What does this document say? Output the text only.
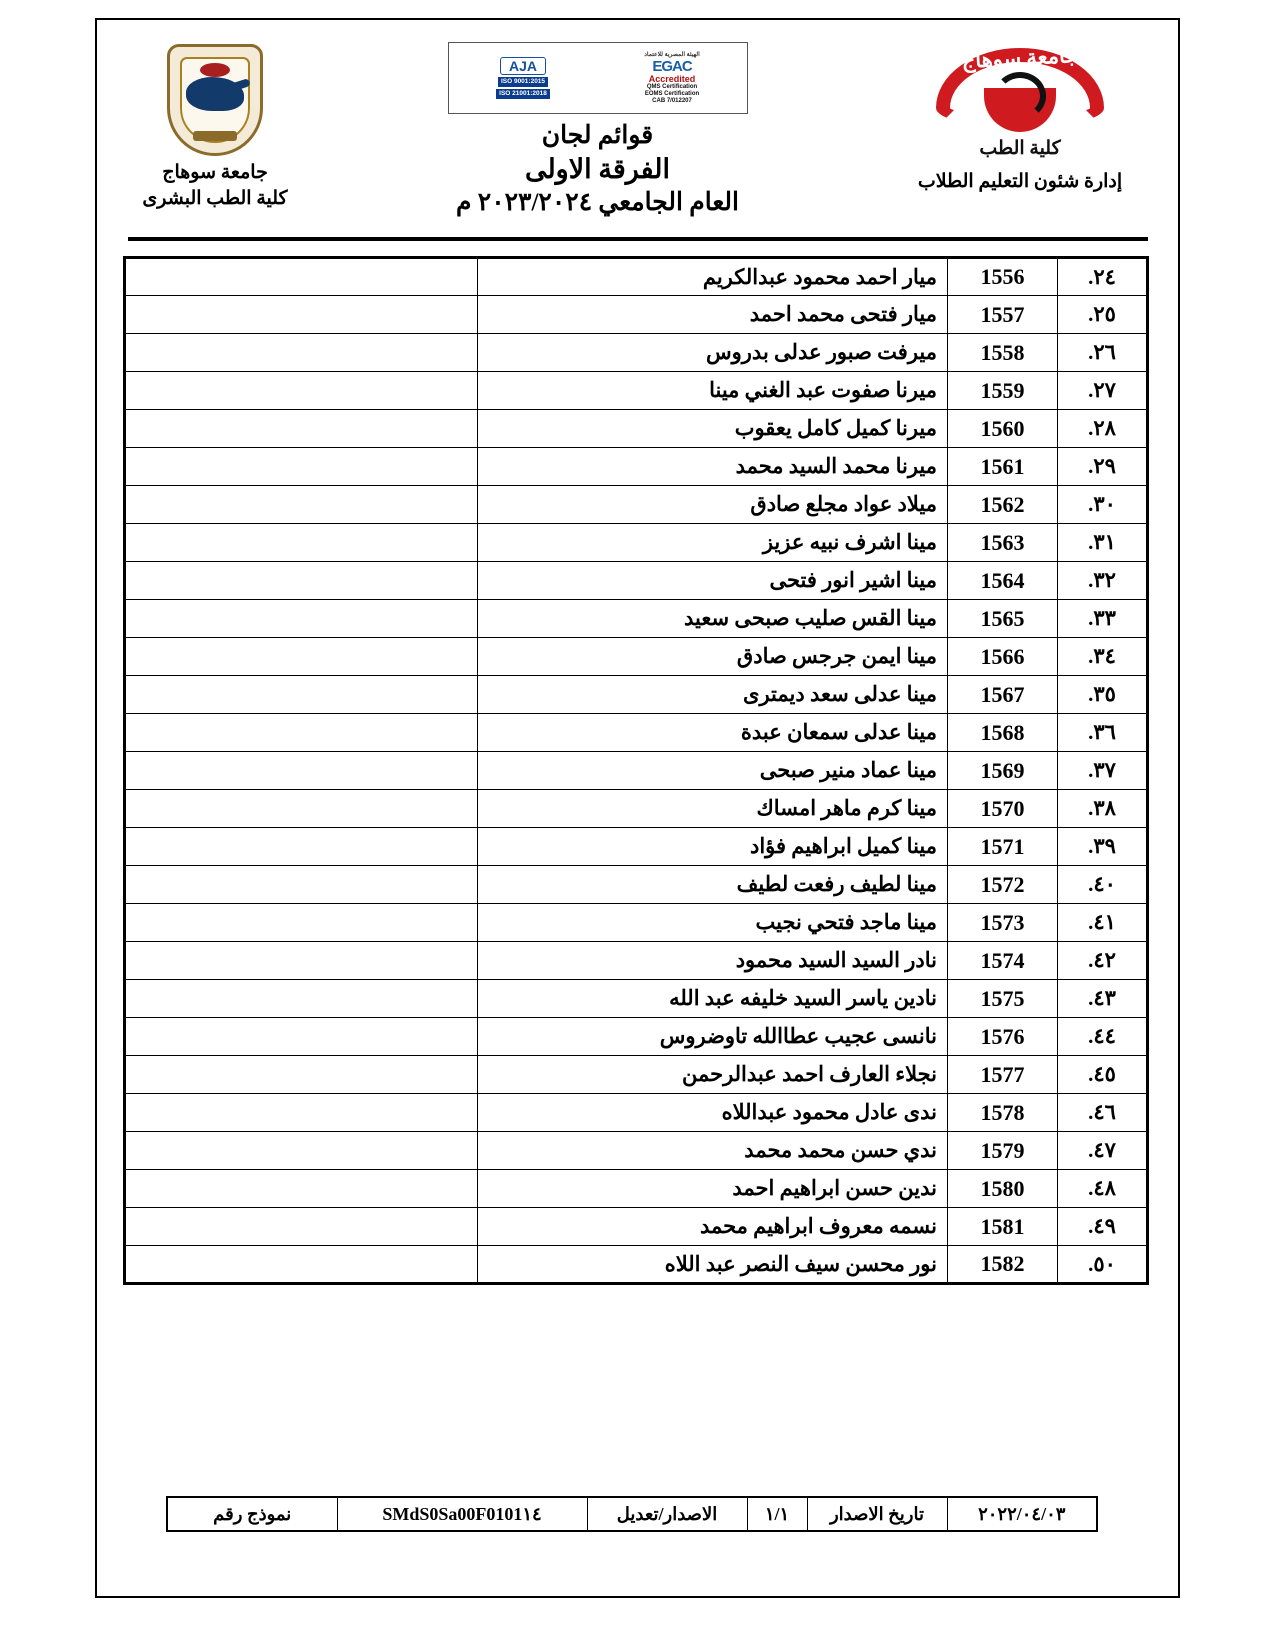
جامعة سوهاج
كلية الطب البشرى
الهيئة المصرية للاعتماد
EGAC
Accredited
QMS Certification
EOMS Certification
CAB 7/012207
AJA
ISO 9001:2015
ISO 21001:2018
قوائم لجان
الفرقة الاولى
العام الجامعي ٢٠٢٣/٢٠٢٤ م
جامعة سوهاج
كلية الطب
إدارة شئون التعليم الطلاب
٢٤.	1556	ميار احمد محمود عبدالكريم	
٢٥.	1557	ميار فتحى محمد احمد	
٢٦.	1558	ميرفت صبور عدلى بدروس	
٢٧.	1559	ميرنا صفوت عبد الغني مينا	
٢٨.	1560	ميرنا كميل كامل يعقوب	
٢٩.	1561	ميرنا محمد السيد محمد	
٣٠.	1562	ميلاد عواد مجلع صادق	
٣١.	1563	مينا اشرف نبيه عزيز	
٣٢.	1564	مينا اشير انور فتحى	
٣٣.	1565	مينا القس صليب صبحى سعيد	
٣٤.	1566	مينا ايمن جرجس صادق	
٣٥.	1567	مينا عدلى سعد ديمترى	
٣٦.	1568	مينا عدلى سمعان عبدة	
٣٧.	1569	مينا عماد منير صبحى	
٣٨.	1570	مينا كرم ماهر امساك	
٣٩.	1571	مينا كميل ابراهيم فؤاد	
٤٠.	1572	مينا لطيف رفعت لطيف	
٤١.	1573	مينا ماجد فتحي نجيب	
٤٢.	1574	نادر السيد السيد محمود	
٤٣.	1575	نادين ياسر السيد خليفه عبد الله	
٤٤.	1576	نانسى عجيب عطاالله تاوضروس	
٤٥.	1577	نجلاء العارف احمد عبدالرحمن	
٤٦.	1578	ندى عادل محمود عبداللاه	
٤٧.	1579	ندي حسن محمد محمد	
٤٨.	1580	ندين حسن ابراهيم احمد	
٤٩.	1581	نسمه معروف ابراهيم محمد	
٥٠.	1582	نور محسن سيف النصر عبد اللاه	
٢٠٢٢/٠٤/٠٣	تاريخ الاصدار	١/١	الاصدار/تعديل	SMdS0Sa00F0101١٤	نموذج رقم
